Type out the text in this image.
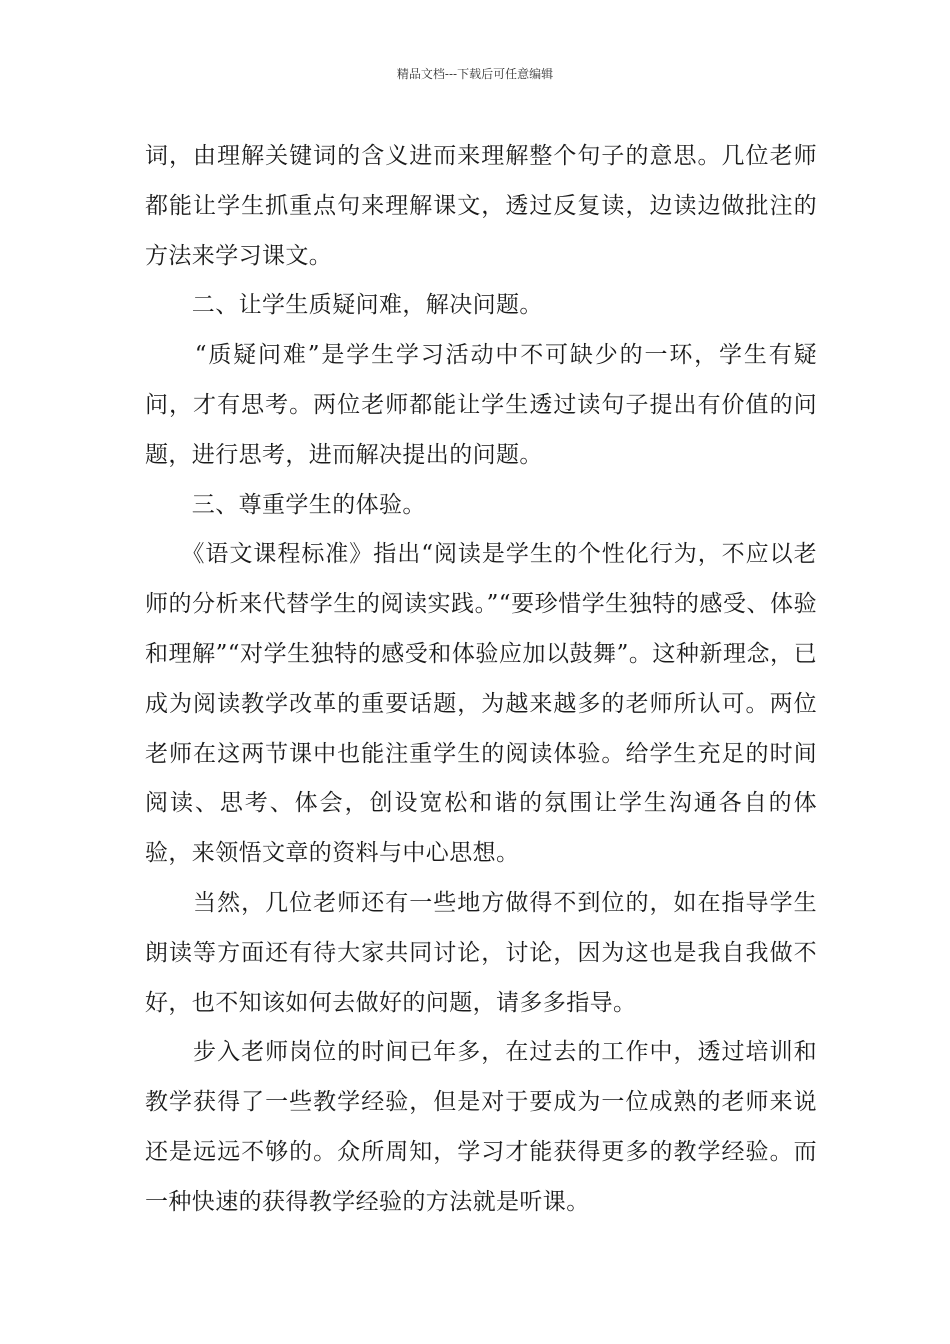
精品文档---下载后可任意编辑

词，由理解关键词的含义进而来理解整个句子的意思。几位老师都能让学生抓重点句来理解课文，透过反复读，边读边做批注的方法来学习课文。

　　二、让学生质疑问难，解决问题。

　　“质疑问难”是学生学习活动中不可缺少的一环，学生有疑问，才有思考。两位老师都能让学生透过读句子提出有价值的问题，进行思考，进而解决提出的问题。

　　三、尊重学生的体验。

　　《语文课程标准》指出“阅读是学生的个性化行为，不应以老师的分析来代替学生的阅读实践。”“要珍惜学生独特的感受、体验和理解”“对学生独特的感受和体验应加以鼓舞”。这种新理念，已成为阅读教学改革的重要话题，为越来越多的老师所认可。两位老师在这两节课中也能注重学生的阅读体验。给学生充足的时间阅读、思考、体会，创设宽松和谐的氛围让学生沟通各自的体验，来领悟文章的资料与中心思想。

　　当然，几位老师还有一些地方做得不到位的，如在指导学生朗读等方面还有待大家共同讨论，讨论，因为这也是我自我做不好，也不知该如何去做好的问题，请多多指导。

　　步入老师岗位的时间已年多，在过去的工作中，透过培训和教学获得了一些教学经验，但是对于要成为一位成熟的老师来说还是远远不够的。众所周知，学习才能获得更多的教学经验。而一种快速的获得教学经验的方法就是听课。
